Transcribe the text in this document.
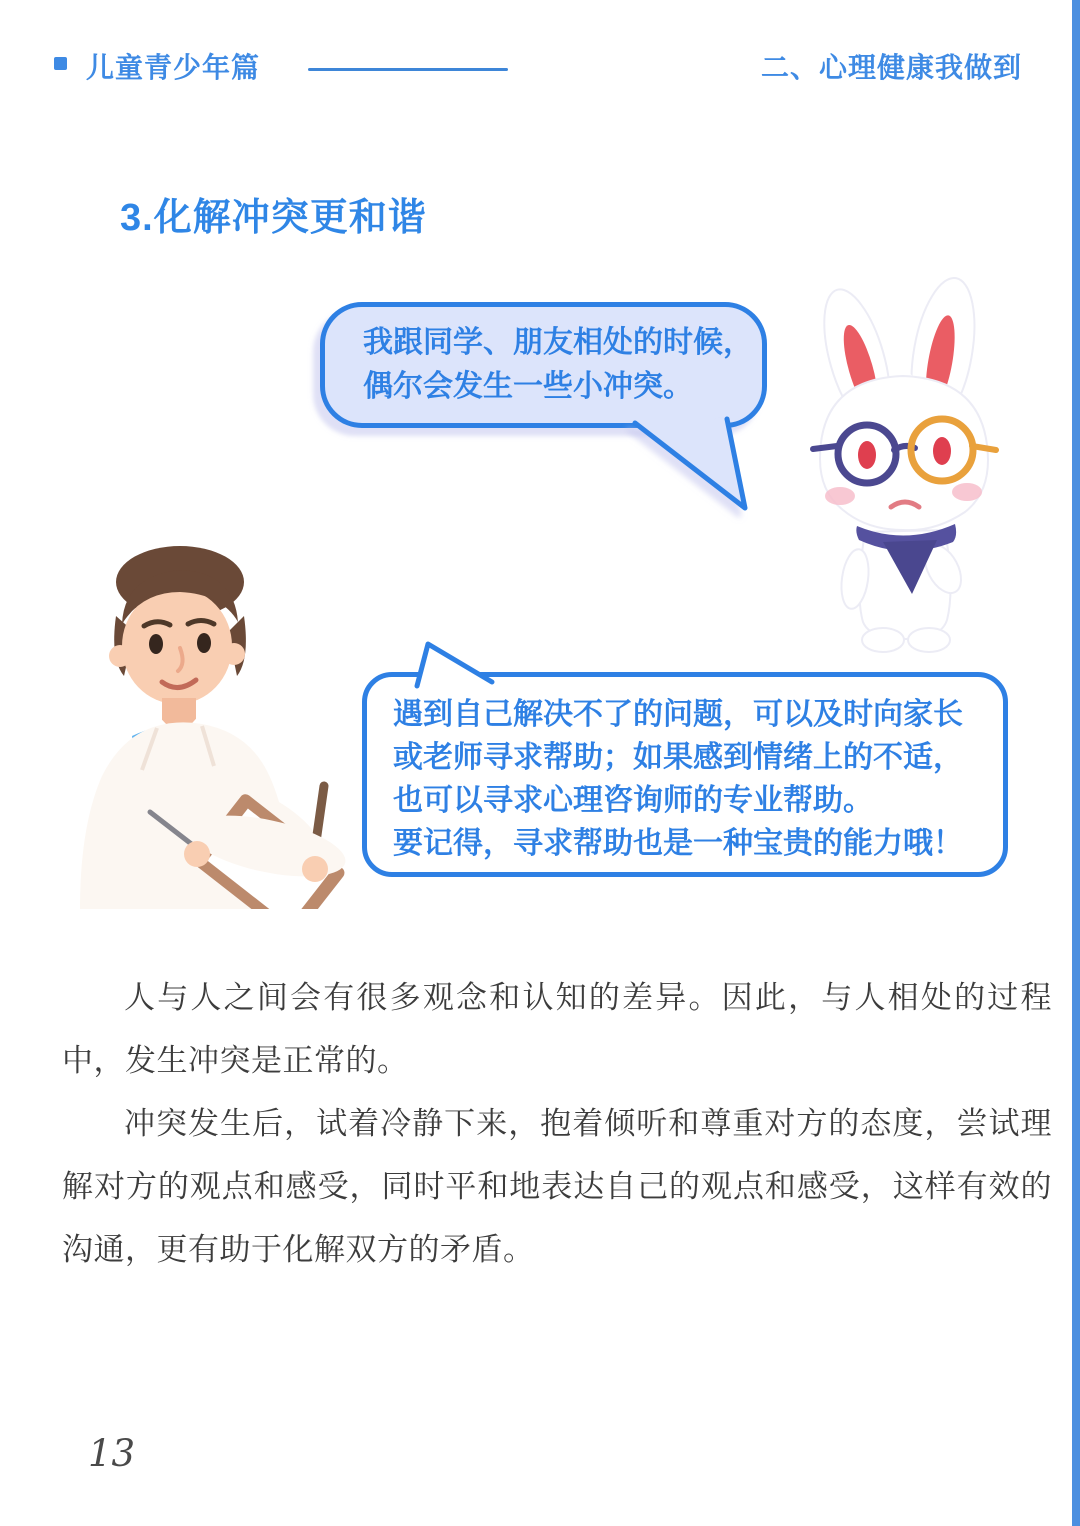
儿童青少年篇	二、心理健康我做到
3.化解冲突更和谐
我跟同学、朋友相处的时候，
偶尔会发生一些小冲突。
遇到自己解决不了的问题，可以及时向家长
或老师寻求帮助；如果感到情绪上的不适，
也可以寻求心理咨询师的专业帮助。
要记得，寻求帮助也是一种宝贵的能力哦！

人与人之间会有很多观念和认知的差异。因此，与人相处的过程中，发生冲突是正常的。

冲突发生后，试着冷静下来，抱着倾听和尊重对方的态度，尝试理解对方的观点和感受，同时平和地表达自己的观点和感受，这样有效的沟通，更有助于化解双方的矛盾。

13
